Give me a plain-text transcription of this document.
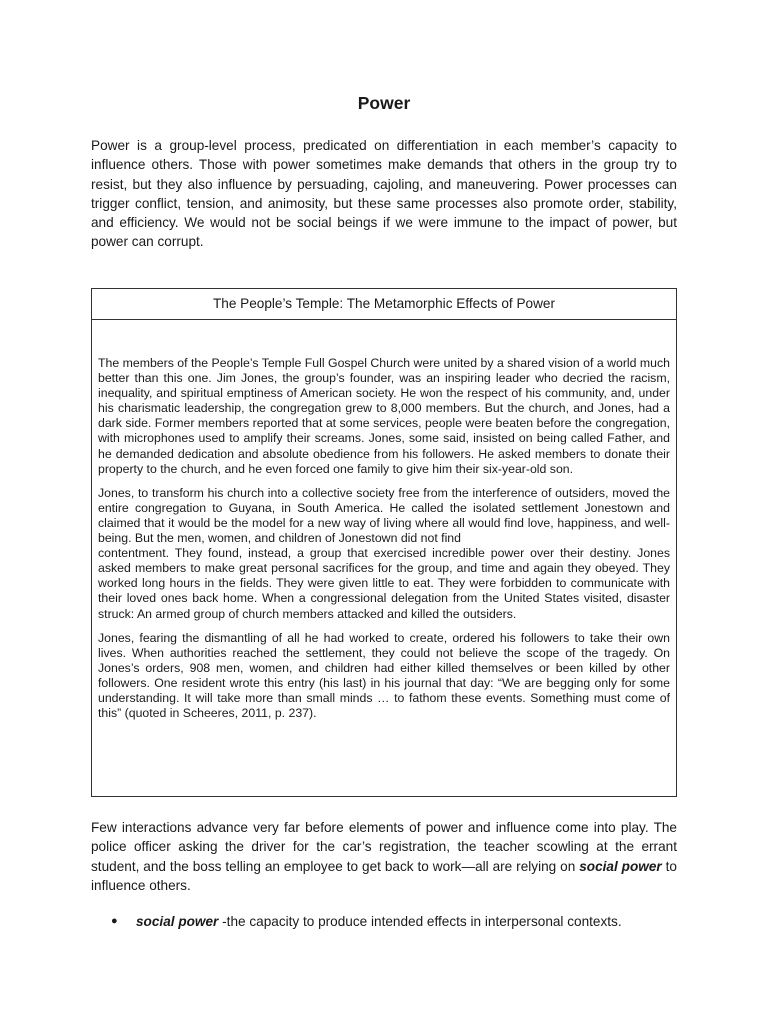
Power

Power is a group-level process, predicated on differentiation in each member’s capacity to influence others. Those with power sometimes make demands that others in the group try to resist, but they also influence by persuading, cajoling, and maneuvering. Power processes can trigger conflict, tension, and animosity, but these same processes also promote order, stability, and efficiency. We would not be social beings if we were immune to the impact of power, but power can corrupt.

The People’s Temple: The Metamorphic Effects of Power

The members of the People’s Temple Full Gospel Church were united by a shared vision of a world much better than this one. Jim Jones, the group’s founder, was an inspiring leader who decried the racism, inequality, and spiritual emptiness of American society. He won the respect of his community, and, under his charismatic leadership, the congregation grew to 8,000 members. But the church, and Jones, had a dark side. Former members reported that at some services, people were beaten before the congregation, with microphones used to amplify their screams. Jones, some said, insisted on being called Father, and he demanded dedication and absolute obedience from his followers. He asked members to donate their property to the church, and he even forced one family to give him their six-year-old son.

Jones, to transform his church into a collective society free from the interference of outsiders, moved the entire congregation to Guyana, in South America. He called the isolated settlement Jonestown and claimed that it would be the model for a new way of living where all would find love, happiness, and well-being. But the men, women, and children of Jonestown did not find

contentment. They found, instead, a group that exercised incredible power over their destiny. Jones asked members to make great personal sacrifices for the group, and time and again they obeyed. They worked long hours in the fields. They were given little to eat. They were forbidden to communicate with their loved ones back home. When a congressional delegation from the United States visited, disaster struck: An armed group of church members attacked and killed the outsiders.

Jones, fearing the dismantling of all he had worked to create, ordered his followers to take their own lives. When authorities reached the settlement, they could not believe the scope of the tragedy. On Jones’s orders, 908 men, women, and children had either killed themselves or been killed by other followers. One resident wrote this entry (his last) in his journal that day: “We are begging only for some understanding. It will take more than small minds … to fathom these events. Something must come of this” (quoted in Scheeres, 2011, p. 237).

Few interactions advance very far before elements of power and influence come into play. The police officer asking the driver for the car’s registration, the teacher scowling at the errant student, and the boss telling an employee to get back to work—all are relying on social power to influence others.

●	social power -the capacity to produce intended effects in interpersonal contexts.
